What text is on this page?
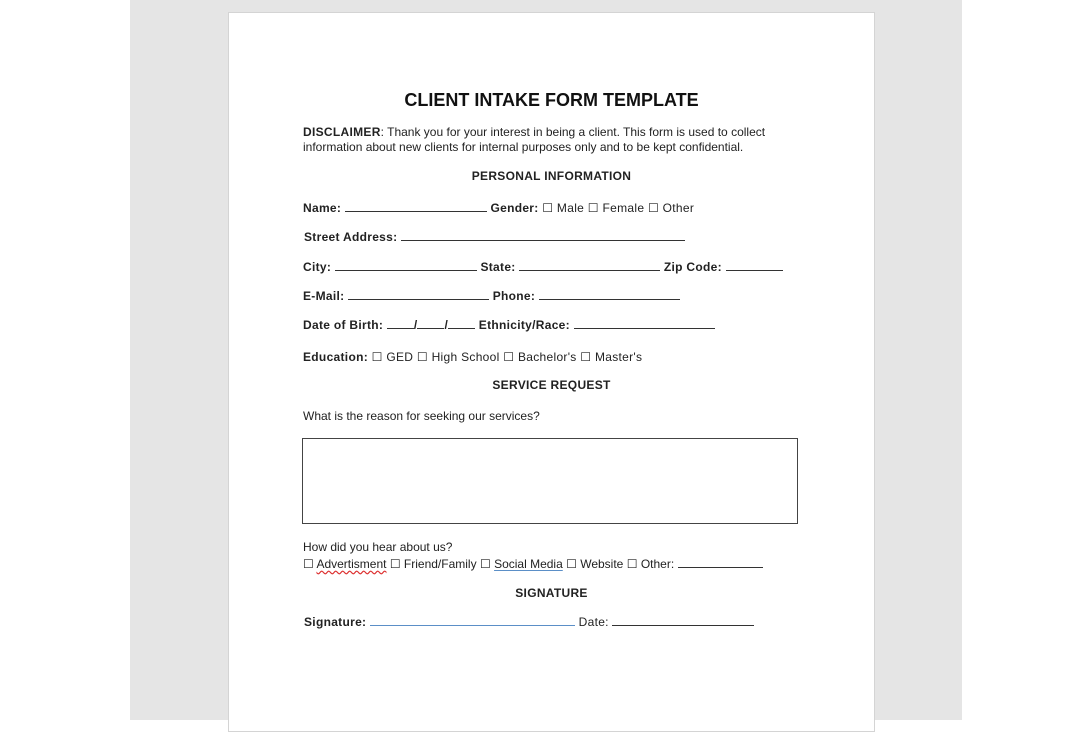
CLIENT INTAKE FORM TEMPLATE
DISCLAIMER: Thank you for your interest in being a client. This form is used to collect
information about new clients for internal purposes only and to be kept confidential.
PERSONAL INFORMATION
Name:	Gender: ☐ Male ☐ Female ☐ Other
Street Address:
City:	State:	Zip Code:
E-Mail:	Phone:
Date of Birth:	/ /	Ethnicity/Race:
Education: ☐ GED ☐ High School ☐ Bachelor's ☐ Master's
SERVICE REQUEST
What is the reason for seeking our services?
How did you hear about us?
☐ Advertisment ☐ Friend/Family ☐ Social Media ☐ Website ☐ Other:
SIGNATURE
Signature:	Date:
